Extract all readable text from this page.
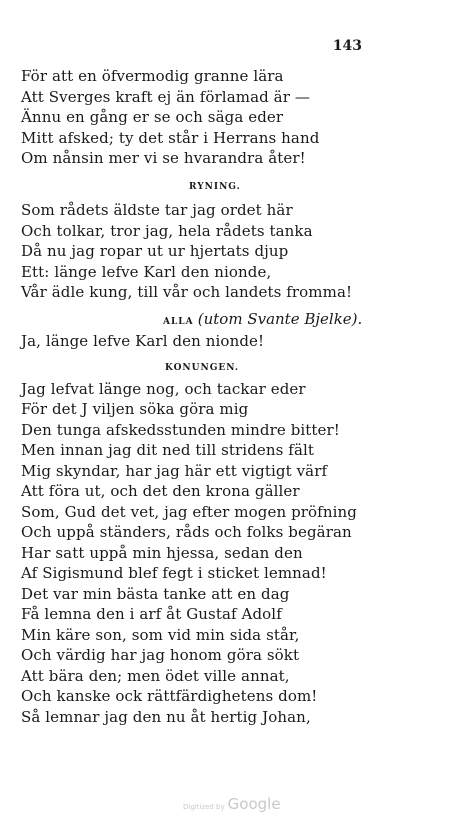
143
För att en öfvermodig granne lära
Att Sverges kraft ej än förlamad är —
Ännu en gång er se och säga eder
Mitt afsked; ty det står i Herrans hand
Om nånsin mer vi se hvarandra åter!
RYNING.
Som rådets äldste tar jag ordet här
Och tolkar, tror jag, hela rådets tanka
Då nu jag ropar ut ur hjertats djup
Ett: länge lefve Karl den nionde,
Vår ädle kung, till vår och landets fromma!
ALLA (utom Svante Bjelke).
Ja, länge lefve Karl den nionde!
KONUNGEN.
Jag lefvat länge nog, och tackar eder
För det J viljen söka göra mig
Den tunga afskedsstunden mindre bitter!
Men innan jag dit ned till stridens fält
Mig skyndar, har jag här ett vigtigt värf
Att föra ut, och det den krona gäller
Som, Gud det vet, jag efter mogen pröfning
Och uppå ständers, råds och folks begäran
Har satt uppå min hjessa, sedan den
Af Sigismund blef fegt i sticket lemnad!
Det var min bästa tanke att en dag
Få lemna den i arf åt Gustaf Adolf
Min käre son, som vid min sida står,
Och värdig har jag honom göra sökt
Att bära den; men ödet ville annat,
Och kanske ock rättfärdighetens dom!
Så lemnar jag den nu åt hertig Johan,
Digitized by Google
